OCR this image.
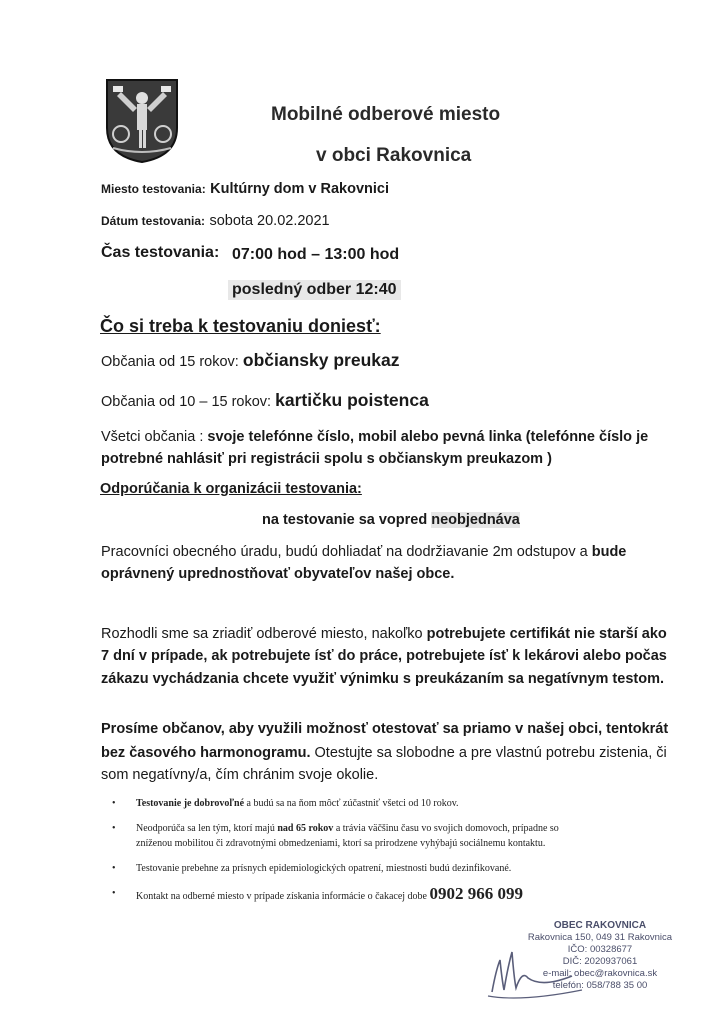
Mobilné odberové miesto
v obci Rakovnica
Miesto testovania: Kultúrny dom v Rakovnici
Dátum testovania: sobota 20.02.2021
Čas testovania: 07:00 hod – 13:00 hod
posledný odber 12:40
Čo si treba k testovaniu doniesť:
Občania od 15 rokov: občiansky preukaz
Občania od 10 – 15 rokov: kartičku poistenca
Všetci občania : svoje telefónne číslo, mobil alebo pevná linka (telefónne číslo je
potrebné nahlásiť pri registrácii spolu s občianskym preukazom )
Odporúčania k organizácii testovania:
na testovanie sa vopred neobjednáva
Pracovníci obecného úradu, budú dohliadať na dodržiavanie 2m odstupov a bude
oprávnený uprednostňovať obyvateľov našej obce.
Rozhodli sme sa zriadiť odberové miesto, nakoľko potrebujete certifikát nie starší ako
7 dní v prípade, ak potrebujete ísť do práce, potrebujete ísť k lekárovi alebo počas
zákazu vychádzania chcete využiť výnimku s preukázaním sa negatívnym testom.
Prosíme občanov, aby využili možnosť otestovať sa priamo v našej obci, tentokrát
bez časového harmonogramu. Otestujte sa slobodne a pre vlastnú potrebu zistenia, či
som negatívny/a, čím chránim svoje okolie.
• Testovanie je dobrovoľné a budú sa na ňom môcť zúčastniť všetci od 10 rokov.
• Neodporúča sa len tým, ktorí majú nad 65 rokov a trávia väčšinu času vo svojich domovoch, prípadne so
zníženou mobilitou či zdravotnými obmedzeniami, ktorí sa prirodzene vyhýbajú sociálnemu kontaktu.
• Testovanie prebehne za prísnych epidemiologických opatrení, miestnosti budú dezinfikované.
• Kontakt na odberné miesto v prípade získania informácie o čakacej dobe 0902 966 099
OBEC RAKOVNICA
Rakovnica 150, 049 31 Rakovnica
IČO: 00328677
DIČ: 2020937061
e-mail: obec@rakovnica.sk
telefón: 058/788 35 00
